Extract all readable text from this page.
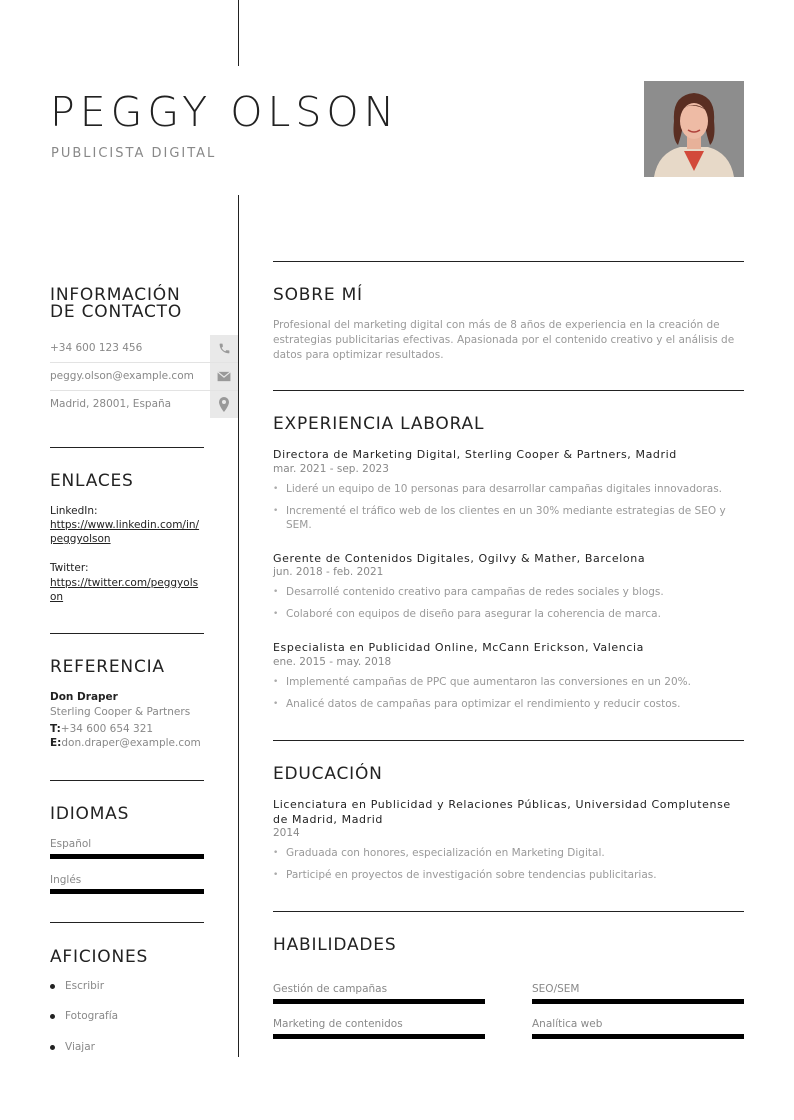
PEGGY OLSON
PUBLICISTA DIGITAL
INFORMACIÓN
DE CONTACTO
+34 600 123 456
peggy.olson@example.com
Madrid, 28001, España
ENLACES
LinkedIn:
https://www.linkedin.com/in/peggyolson
Twitter:
https://twitter.com/peggyolson
REFERENCIA
Don Draper
Sterling Cooper & Partners
T:+34 600 654 321
E:don.draper@example.com
IDIOMAS
Español
Inglés
AFICIONES
Escribir
Fotografía
Viajar
SOBRE MÍ
Profesional del marketing digital con más de 8 años de experiencia en la creación de estrategias publicitarias efectivas. Apasionada por el contenido creativo y el análisis de datos para optimizar resultados.
EXPERIENCIA LABORAL
Directora de Marketing Digital, Sterling Cooper & Partners, Madrid
mar. 2021 - sep. 2023
• Lideré un equipo de 10 personas para desarrollar campañas digitales innovadoras.
• Incrementé el tráfico web de los clientes en un 30% mediante estrategias de SEO y SEM.
Gerente de Contenidos Digitales, Ogilvy & Mather, Barcelona
jun. 2018 - feb. 2021
• Desarrollé contenido creativo para campañas de redes sociales y blogs.
• Colaboré con equipos de diseño para asegurar la coherencia de marca.
Especialista en Publicidad Online, McCann Erickson, Valencia
ene. 2015 - may. 2018
• Implementé campañas de PPC que aumentaron las conversiones en un 20%.
• Analicé datos de campañas para optimizar el rendimiento y reducir costos.
EDUCACIÓN
Licenciatura en Publicidad y Relaciones Públicas, Universidad Complutense de Madrid, Madrid
2014
• Graduada con honores, especialización en Marketing Digital.
• Participé en proyectos de investigación sobre tendencias publicitarias.
HABILIDADES
Gestión de campañas	SEO/SEM
Marketing de contenidos	Analítica web
